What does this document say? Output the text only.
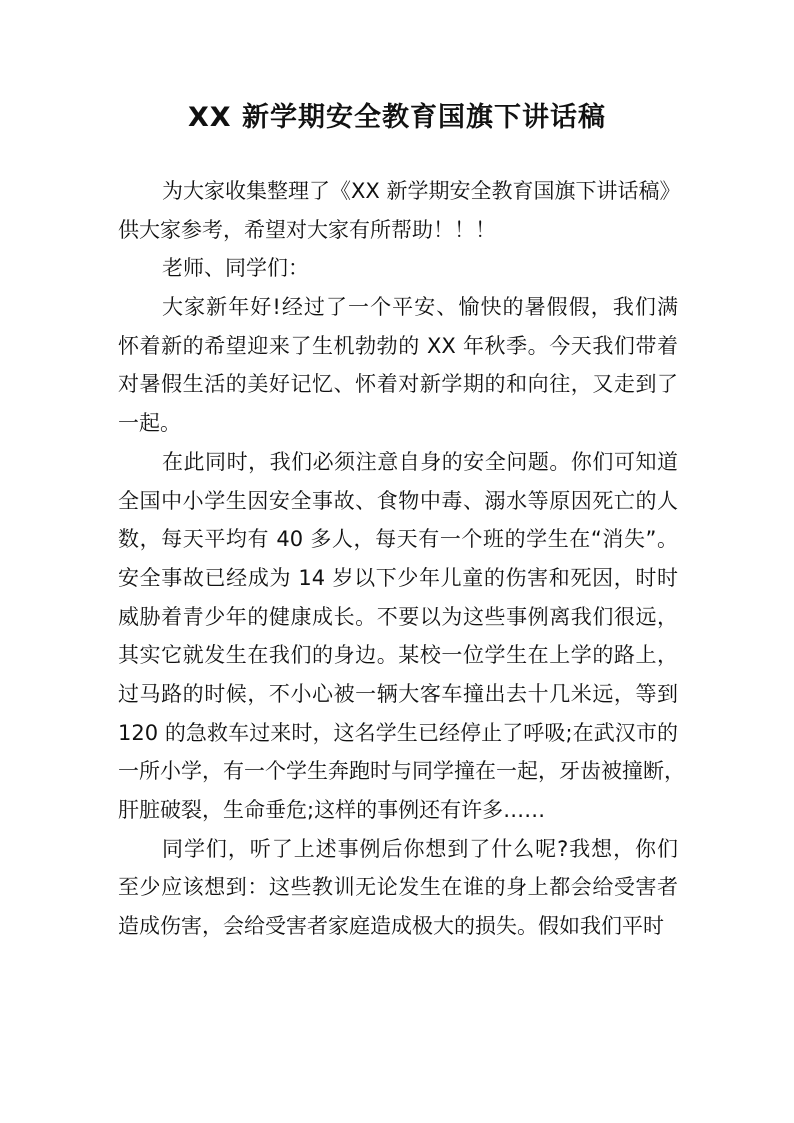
XX 新学期安全教育国旗下讲话稿
为大家收集整理了《XX 新学期安全教育国旗下讲话稿》
供大家参考，希望对大家有所帮助！！！
老师、同学们：
大家新年好!经过了一个平安、愉快的暑假假，我们满
怀着新的希望迎来了生机勃勃的 XX 年秋季。今天我们带着
对暑假生活的美好记忆、怀着对新学期的和向往，又走到了
一起。
在此同时，我们必须注意自身的安全问题。你们可知道
全国中小学生因安全事故、食物中毒、溺水等原因死亡的人
数，每天平均有 40 多人，每天有一个班的学生在“消失”。
安全事故已经成为 14 岁以下少年儿童的伤害和死因，时时
威胁着青少年的健康成长。不要以为这些事例离我们很远，
其实它就发生在我们的身边。某校一位学生在上学的路上，
过马路的时候，不小心被一辆大客车撞出去十几米远，等到
120 的急救车过来时，这名学生已经停止了呼吸;在武汉市的
一所小学，有一个学生奔跑时与同学撞在一起，牙齿被撞断，
肝脏破裂，生命垂危;这样的事例还有许多……
同学们，听了上述事例后你想到了什么呢?我想，你们
至少应该想到：这些教训无论发生在谁的身上都会给受害者
造成伤害，会给受害者家庭造成极大的损失。假如我们平时
